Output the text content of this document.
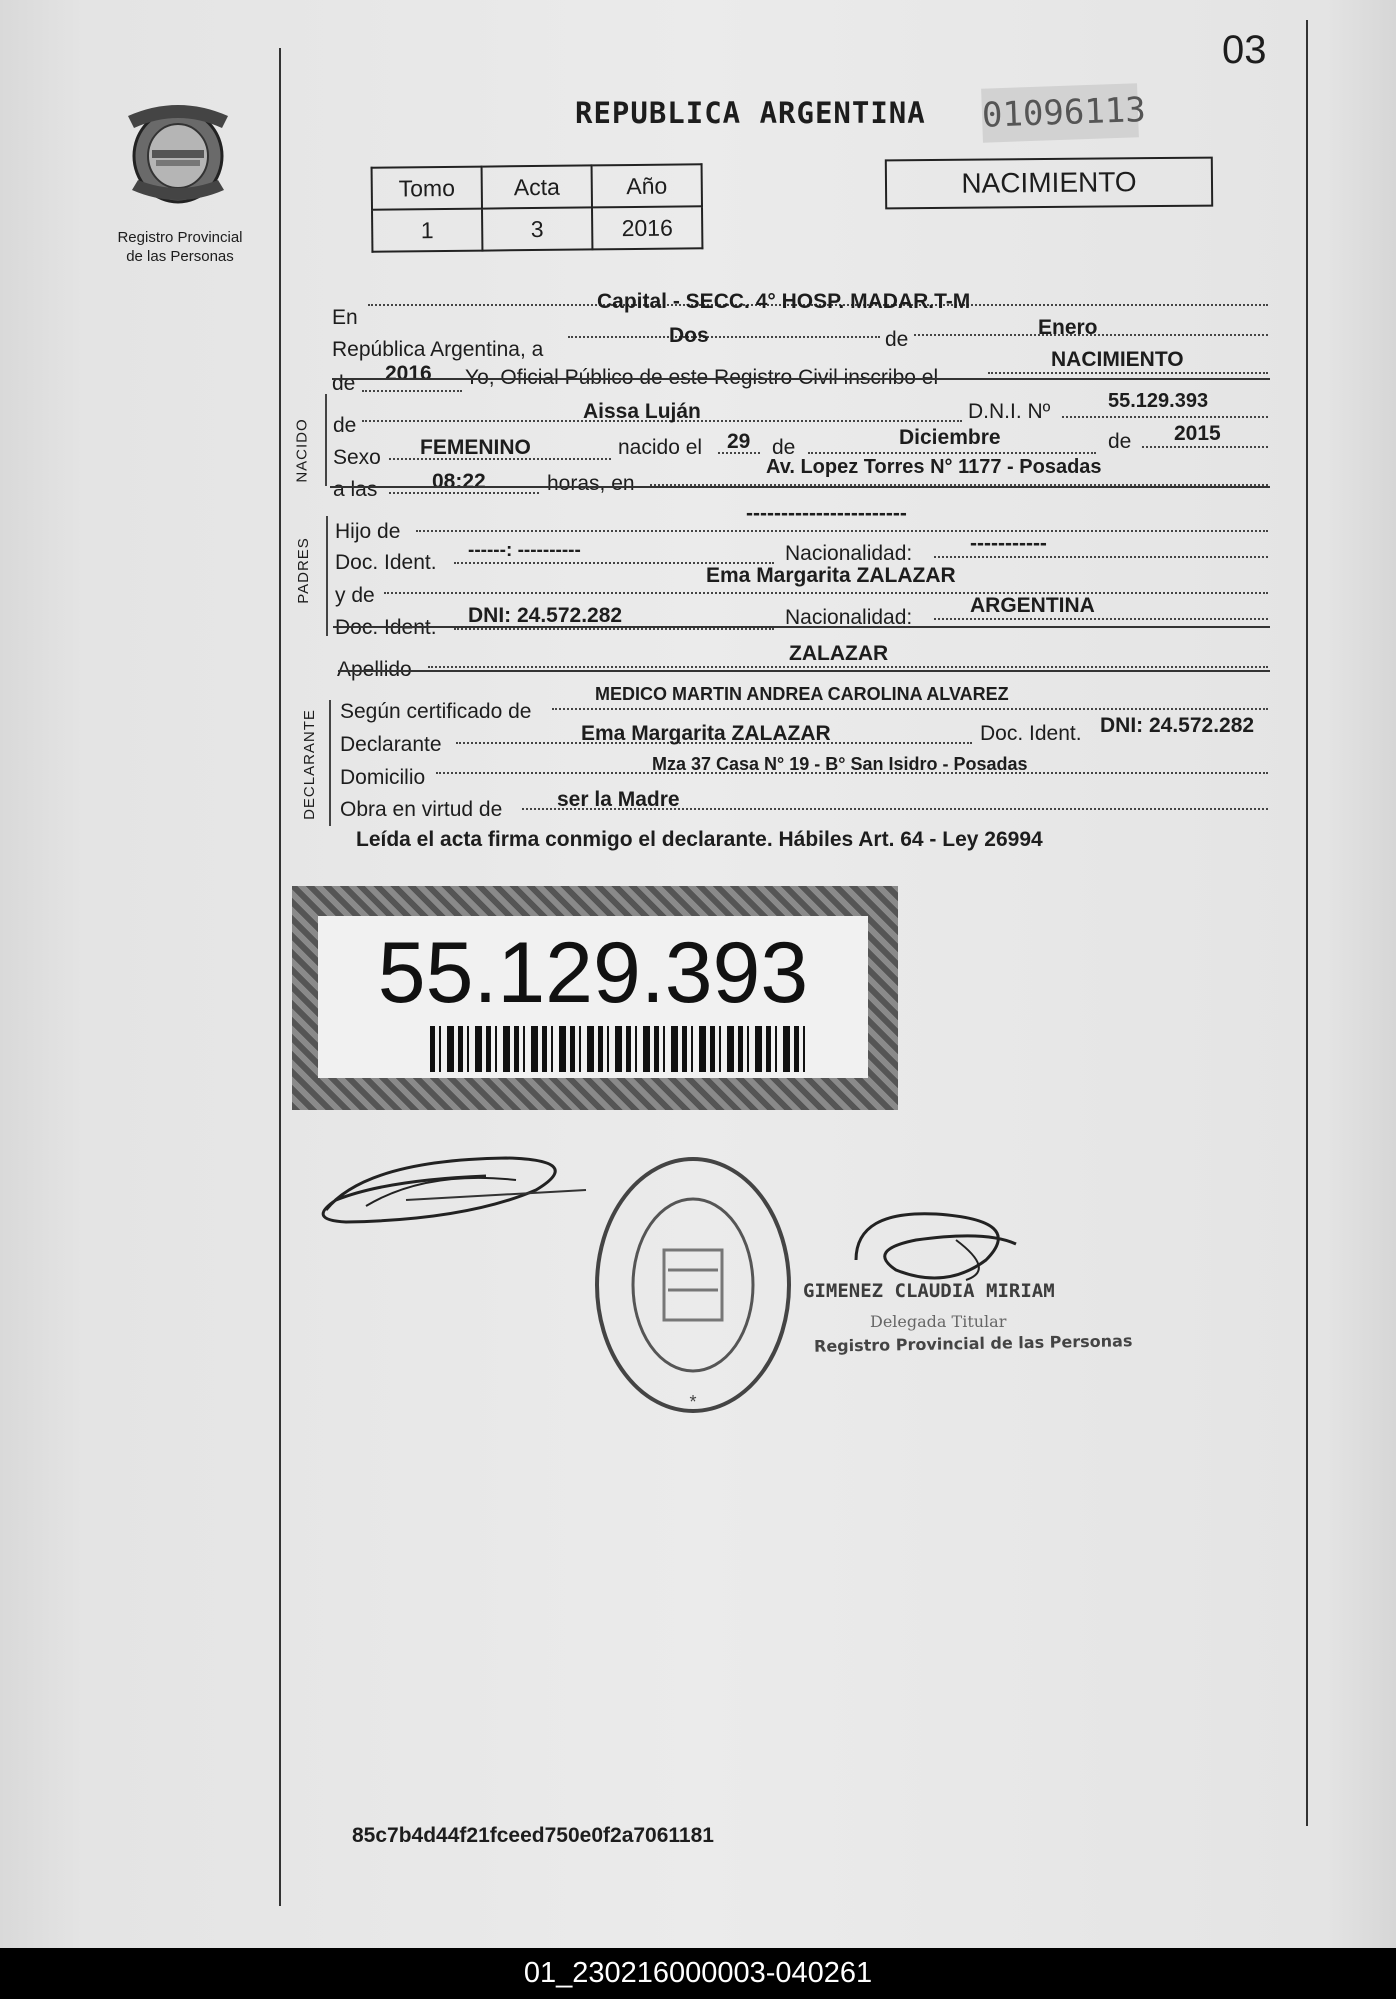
03
Registro Provincial
de las Personas
REPUBLICA ARGENTINA 01096113
Tomo	Acta	Año
1	3	2016
NACIMIENTO
En
Capital - SECC. 4° HOSP. MADAR.T-M
República Argentina, a
Dos	de
Enero
de 2016 Yo, Oficial Público de este Registro Civil inscribo el
NACIMIENTO
NACIDO de
Aissa Luján	D.N.I. Nº	55.129.393
Sexo FEMENINO	nacido el 29 de	Diciembre	de 2015
a las	08:22	horas, en
Av. Lopez Torres N° 1177 - Posadas
PADRES
Hijo de
-----------------------
Doc. Ident.
------: ----------	Nacionalidad:	-----------
y de
Ema Margarita ZALAZAR
Doc. Ident.
DNI: 24.572.282	Nacionalidad:
ARGENTINA
Apellido
ZALAZAR
DECLARANTE Según certificado de
MEDICO MARTIN ANDREA CAROLINA ALVAREZ
Declarante	Ema Margarita ZALAZAR	Doc. Ident. DNI: 24.572.282
Domicilio
Mza 37 Casa N° 19 - B° San Isidro - Posadas
Obra en virtud de	ser la Madre
Leída el acta firma conmigo el declarante. Hábiles Art. 64 - Ley 26994
55.129.393
*
GIMENEZ CLAUDIA MIRIAM
Delegada Titular
Registro Provincial de las Personas
85c7b4d44f21fceed750e0f2a7061181
01_230216000003-040261
